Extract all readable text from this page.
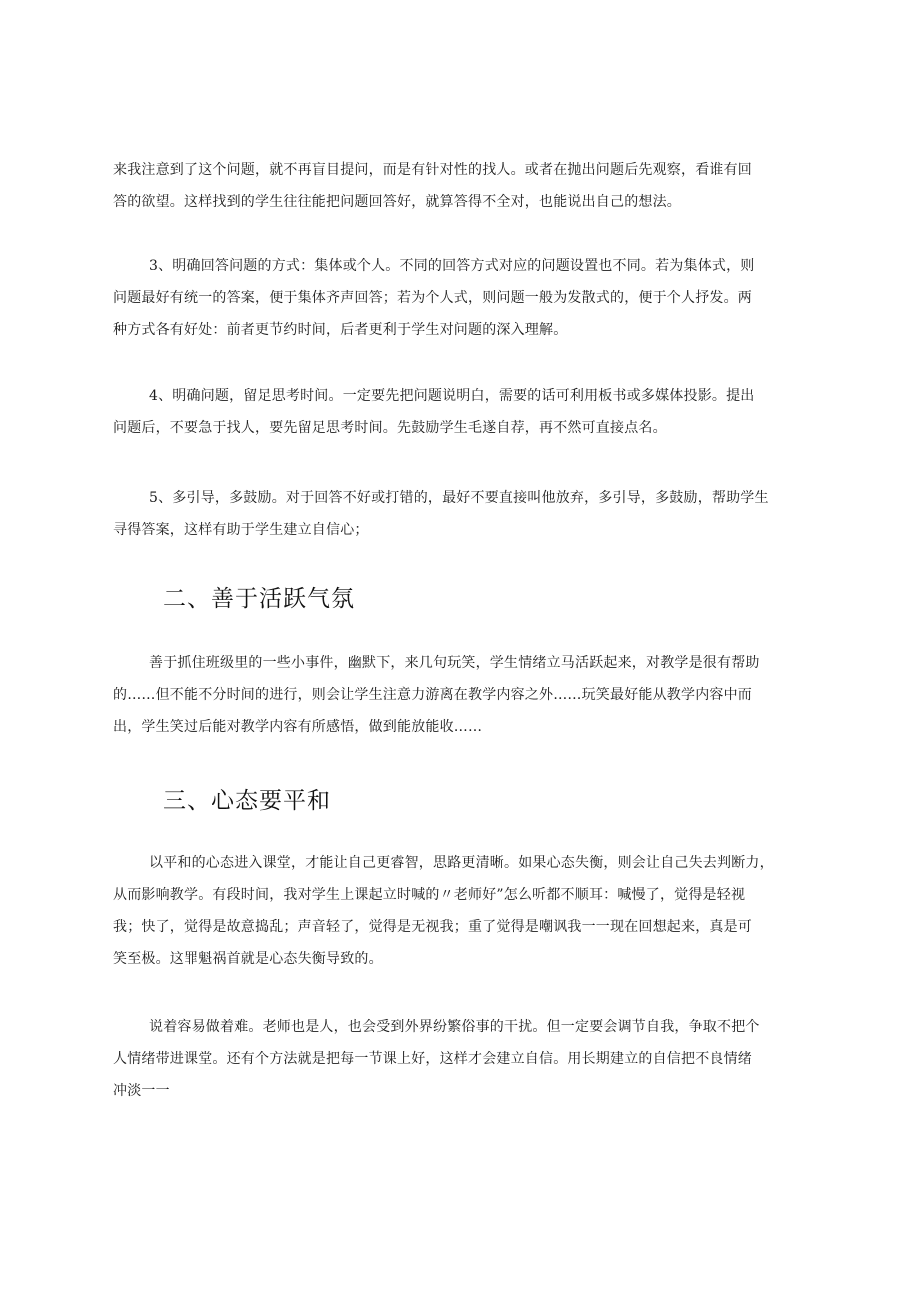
来我注意到了这个问题，就不再盲目提问，而是有针对性的找人。或者在抛出问题后先观察，看谁有回
答的欲望。这样找到的学生往往能把问题回答好，就算答得不全对，也能说出自己的想法。

3、明确回答问题的方式：集体或个人。不同的回答方式对应的问题设置也不同。若为集体式，则
问题最好有统一的答案，便于集体齐声回答；若为个人式，则问题一般为发散式的，便于个人抒发。两
种方式各有好处：前者更节约时间，后者更利于学生对问题的深入理解。

4、明确问题，留足思考时间。一定要先把问题说明白，需要的话可利用板书或多媒体投影。提出
问题后，不要急于找人，要先留足思考时间。先鼓励学生毛遂自荐，再不然可直接点名。

5、多引导，多鼓励。对于回答不好或打错的，最好不要直接叫他放弃，多引导，多鼓励，帮助学生
寻得答案，这样有助于学生建立自信心；

二、善于活跃气氛

善于抓住班级里的一些小事件，幽默下，来几句玩笑，学生情绪立马活跃起来，对教学是很有帮助
的……但不能不分时间的进行，则会让学生注意力游离在教学内容之外……玩笑最好能从教学内容中而
出，学生笑过后能对教学内容有所感悟，做到能放能收……

三、心态要平和

以平和的心态进入课堂，才能让自己更睿智，思路更清晰。如果心态失衡，则会让自己失去判断力，
从而影响教学。有段时间，我对学生上课起立时喊的〃老师好”怎么听都不顺耳：喊慢了，觉得是轻视
我；快了，觉得是故意捣乱；声音轻了，觉得是无视我；重了觉得是嘲讽我一一现在回想起来，真是可
笑至极。这罪魁祸首就是心态失衡导致的。

说着容易做着难。老师也是人，也会受到外界纷繁俗事的干扰。但一定要会调节自我，争取不把个
人情绪带进课堂。还有个方法就是把每一节课上好，这样才会建立自信。用长期建立的自信把不良情绪
冲淡一一
